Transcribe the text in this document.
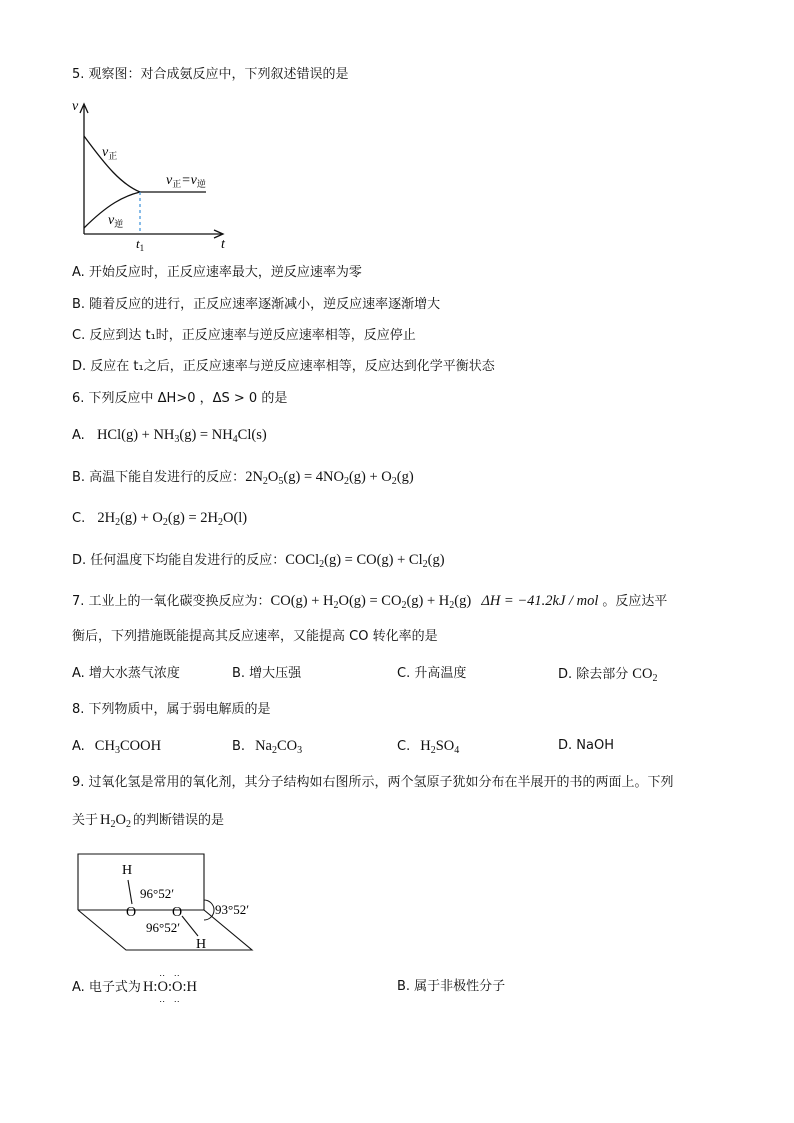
5. 观察图：对合成氨反应中，下列叙述错误的是
v
$v_正$
$v_逆$
$v_正=v_逆$
$t_1$	t
A. 开始反应时，正反应速率最大，逆反应速率为零
B. 随着反应的进行，正反应速率逐渐减小，逆反应速率逐渐增大
C. 反应到达 t₁时，正反应速率与逆反应速率相等，反应停止
D. 反应在 t₁之后，正反应速率与逆反应速率相等，反应达到化学平衡状态
6. 下列反应中 ΔH>0 ，ΔS > 0 的是
A. $HCl(g) + NH_3(g) = NH_4Cl(s)$
B. 高温下能自发进行的反应：$2N_2O_5(g) = 4NO_2(g) + O_2(g)$
C. $2H_2(g) + O_2(g) = 2H_2O(l)$
D. 任何温度下均能自发进行的反应：COCl$_2$(g) = $CO(g) + Cl_2(g)$
7. 工业上的一氧化碳变换反应为：$CO(g) + H_2O(g) = CO_2(g) + H_2(g) \Delta H = -41.2kJ$ / mol 。反应达平
衡后，下列措施既能提高其反应速率，又能提高 CO 转化率的是
A. 增大水蒸气浓度	B. 增大压强	C. 升高温度	D. 除去部分 $CO_2$
8. 下列物质中，属于弱电解质的是
A. $CH_3COOH$	B. $Na_2CO_3$	C. $H_2SO_4$	D. NaOH
9. 过氧化氢是常用的氧化剂，其分子结构如右图所示，两个氢原子犹如分布在半展开的书的两面上。下列
关于 $H_2O_2$ 的判断错误的是
H
O	O
H
96°52′
96°52′
93°52′
A. 电子式为 H:
‥
O
‥
:
‥
O
‥
:H	B. 属于非极性分子
